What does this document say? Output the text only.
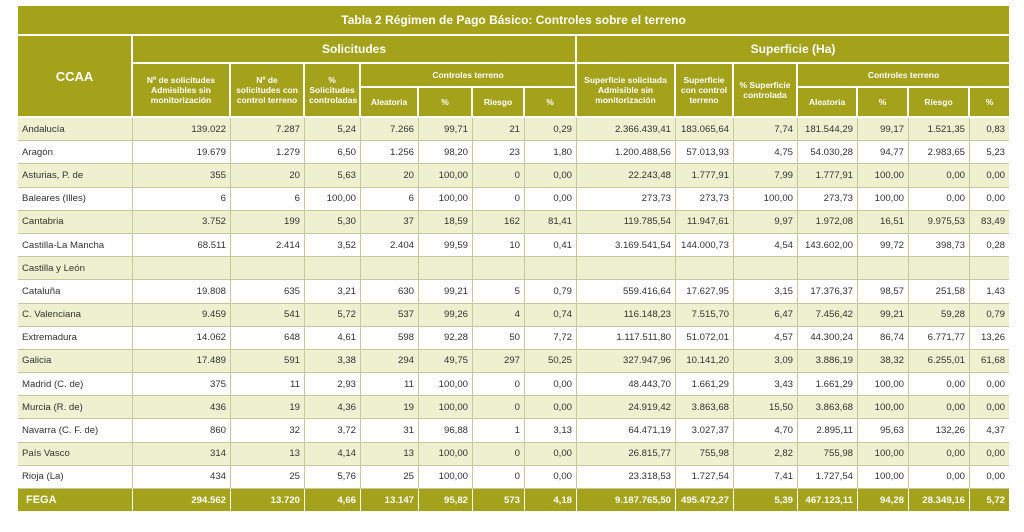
Tabla 2 Régimen de Pago Básico: Controles sobre el terreno														
CCAA	Solicitudes							Superficie (Ha)						
	Nº de solicitudes Admisibles sin monitorización	Nº de solicitudes con control terreno	% Solicitudes controladas	Controles terreno				Superficie solicitada Admisible sin monitorización	Superficie con control terreno	% Superficie controlada	Controles terreno			
				Aleatoria	%	Riesgo	%				Aleatoria	%	Riesgo	%
Andalucía	139.022	7.287	5,24	7.266	99,71	21	0,29	2.366.439,41	183.065,64	7,74	181.544,29	99,17	1.521,35	0,83
Aragón	19.679	1.279	6,50	1.256	98,20	23	1,80	1.200.488,56	57.013,93	4,75	54.030,28	94,77	2.983,65	5,23
Asturias, P. de	355	20	5,63	20	100,00	0	0,00	22.243,48	1.777,91	7,99	1.777,91	100,00	0,00	0,00
Baleares (Illes)	6	6	100,00	6	100,00	0	0,00	273,73	273,73	100,00	273,73	100,00	0,00	0,00
Cantabria	3.752	199	5,30	37	18,59	162	81,41	119.785,54	11.947,61	9,97	1.972,08	16,51	9.975,53	83,49
Castilla-La Mancha	68.511	2.414	3,52	2.404	99,59	10	0,41	3.169.541,54	144.000,73	4,54	143.602,00	99,72	398,73	0,28
Castilla y León														
Cataluña	19.808	635	3,21	630	99,21	5	0,79	559.416,64	17.627,95	3,15	17.376,37	98,57	251,58	1,43
C. Valenciana	9.459	541	5,72	537	99,26	4	0,74	116.148,23	7.515,70	6,47	7.456,42	99,21	59,28	0,79
Extremadura	14.062	648	4,61	598	92,28	50	7,72	1.117.511,80	51.072,01	4,57	44.300,24	86,74	6.771,77	13,26
Galicia	17.489	591	3,38	294	49,75	297	50,25	327.947,96	10.141,20	3,09	3.886,19	38,32	6.255,01	61,68
Madrid (C. de)	375	11	2,93	11	100,00	0	0,00	48.443,70	1.661,29	3,43	1.661,29	100,00	0,00	0,00
Murcia (R. de)	436	19	4,36	19	100,00	0	0,00	24.919,42	3.863,68	15,50	3.863,68	100,00	0,00	0,00
Navarra (C. F. de)	860	32	3,72	31	96,88	1	3,13	64.471,19	3.027,37	4,70	2.895,11	95,63	132,26	4,37
País Vasco	314	13	4,14	13	100,00	0	0,00	26.815,77	755,98	2,82	755,98	100,00	0,00	0,00
Rioja (La)	434	25	5,76	25	100,00	0	0,00	23.318,53	1.727,54	7,41	1.727,54	100,00	0,00	0,00
FEGA	294.562	13.720	4,66	13.147	95,82	573	4,18	9.187.765,50	495.472,27	5,39	467.123,11	94,28	28.349,16	5,72
